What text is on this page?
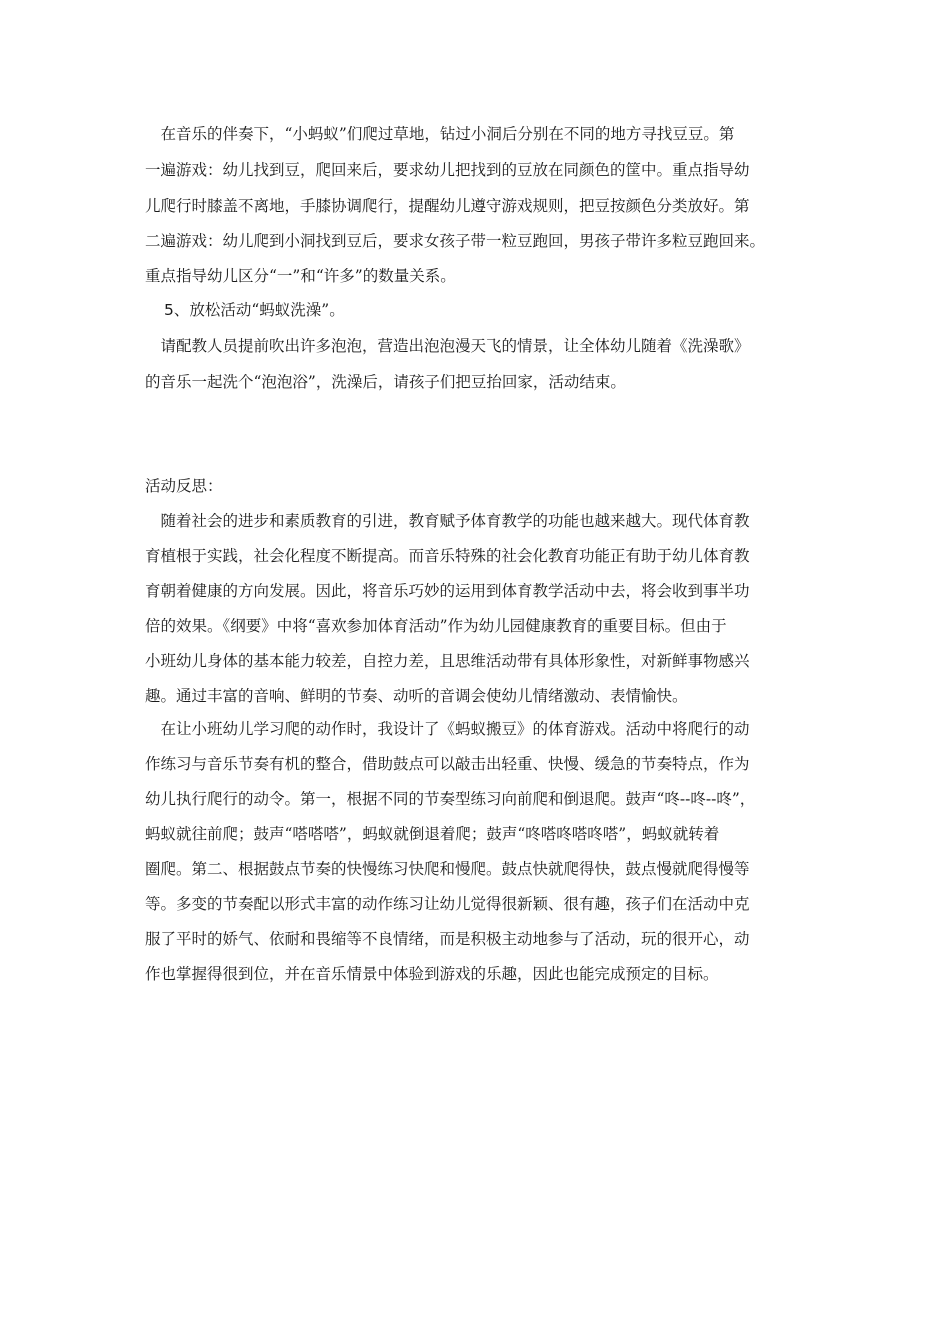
　在音乐的伴奏下，“小蚂蚁”们爬过草地，钻过小洞后分别在不同的地方寻找豆豆。第
一遍游戏：幼儿找到豆，爬回来后，要求幼儿把找到的豆放在同颜色的筐中。重点指导幼
儿爬行时膝盖不离地，手膝协调爬行，提醒幼儿遵守游戏规则，把豆按颜色分类放好。第
二遍游戏：幼儿爬到小洞找到豆后，要求女孩子带一粒豆跑回，男孩子带许多粒豆跑回来。
重点指导幼儿区分“一”和“许多”的数量关系。
5、放松活动“蚂蚁洗澡”。
　请配教人员提前吹出许多泡泡，营造出泡泡漫天飞的情景，让全体幼儿随着《洗澡歌》
的音乐一起洗个“泡泡浴”，洗澡后，请孩子们把豆抬回家，活动结束。
活动反思：
　随着社会的进步和素质教育的引进，教育赋予体育教学的功能也越来越大。现代体育教
育植根于实践，社会化程度不断提高。而音乐特殊的社会化教育功能正有助于幼儿体育教
育朝着健康的方向发展。因此，将音乐巧妙的运用到体育教学活动中去，将会收到事半功
倍的效果。《纲要》中将“喜欢参加体育活动”作为幼儿园健康教育的重要目标。但由于
小班幼儿身体的基本能力较差，自控力差，且思维活动带有具体形象性，对新鲜事物感兴
趣。通过丰富的音响、鲜明的节奏、动听的音调会使幼儿情绪激动、表情愉快。
　在让小班幼儿学习爬的动作时，我设计了《蚂蚁搬豆》的体育游戏。活动中将爬行的动
作练习与音乐节奏有机的整合，借助鼓点可以敲击出轻重、快慢、缓急的节奏特点，作为
幼儿执行爬行的动令。第一，根据不同的节奏型练习向前爬和倒退爬。鼓声“咚--咚--咚”，
蚂蚁就往前爬；鼓声“嗒嗒嗒”，蚂蚁就倒退着爬；鼓声“咚嗒咚嗒咚嗒”，蚂蚁就转着
圈爬。第二、根据鼓点节奏的快慢练习快爬和慢爬。鼓点快就爬得快，鼓点慢就爬得慢等
等。多变的节奏配以形式丰富的动作练习让幼儿觉得很新颖、很有趣，孩子们在活动中克
服了平时的娇气、依耐和畏缩等不良情绪，而是积极主动地参与了活动，玩的很开心，动
作也掌握得很到位，并在音乐情景中体验到游戏的乐趣，因此也能完成预定的目标。
